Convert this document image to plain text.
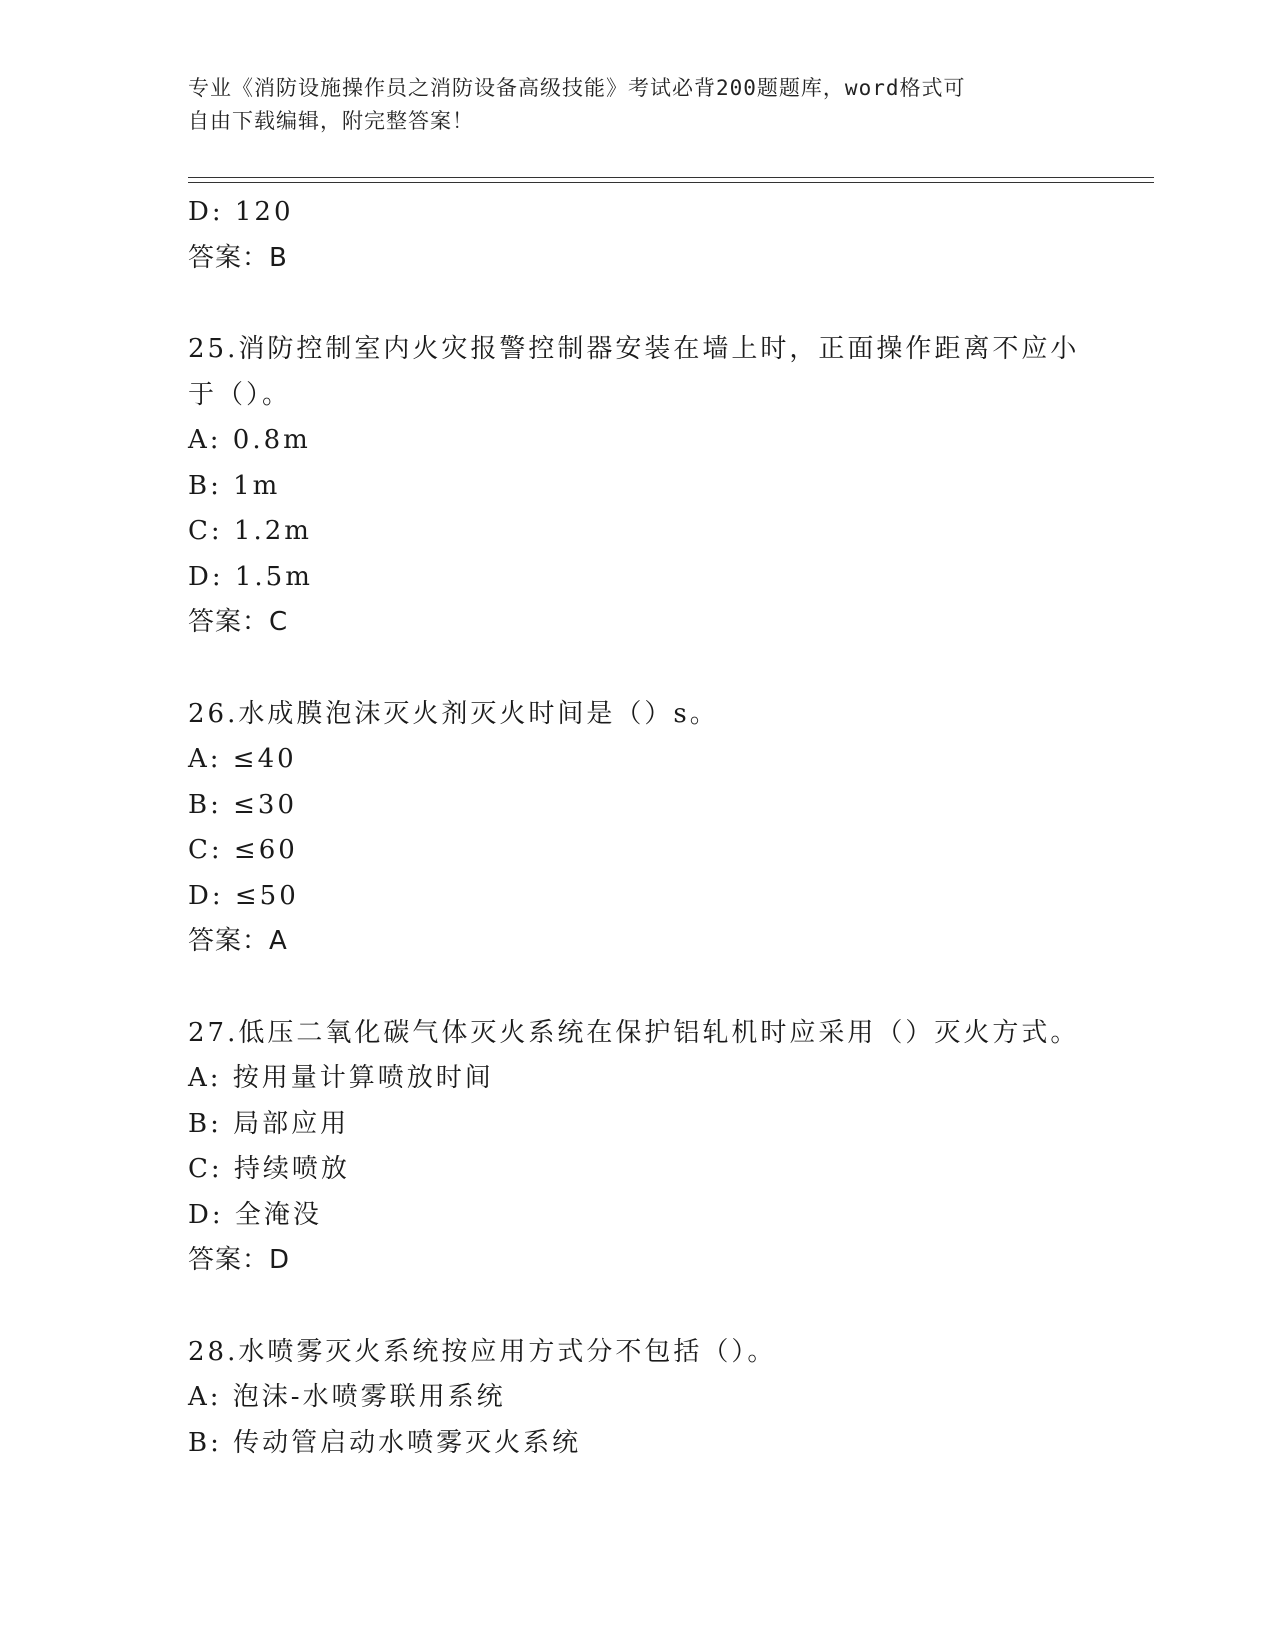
专业《消防设施操作员之消防设备高级技能》考试必背200题题库，word格式可
自由下载编辑，附完整答案！
D: 120
答案：B
25.消防控制室内火灾报警控制器安装在墙上时，正面操作距离不应小
于（）。
A: 0.8m
B: 1m
C: 1.2m
D: 1.5m
答案：C
26.水成膜泡沫灭火剂灭火时间是（）s。
A: ≤40
B: ≤30
C: ≤60
D: ≤50
答案：A
27.低压二氧化碳气体灭火系统在保护铝轧机时应采用（）灭火方式。
A: 按用量计算喷放时间
B: 局部应用
C: 持续喷放
D: 全淹没
答案：D
28.水喷雾灭火系统按应用方式分不包括（）。
A: 泡沫-水喷雾联用系统
B: 传动管启动水喷雾灭火系统
